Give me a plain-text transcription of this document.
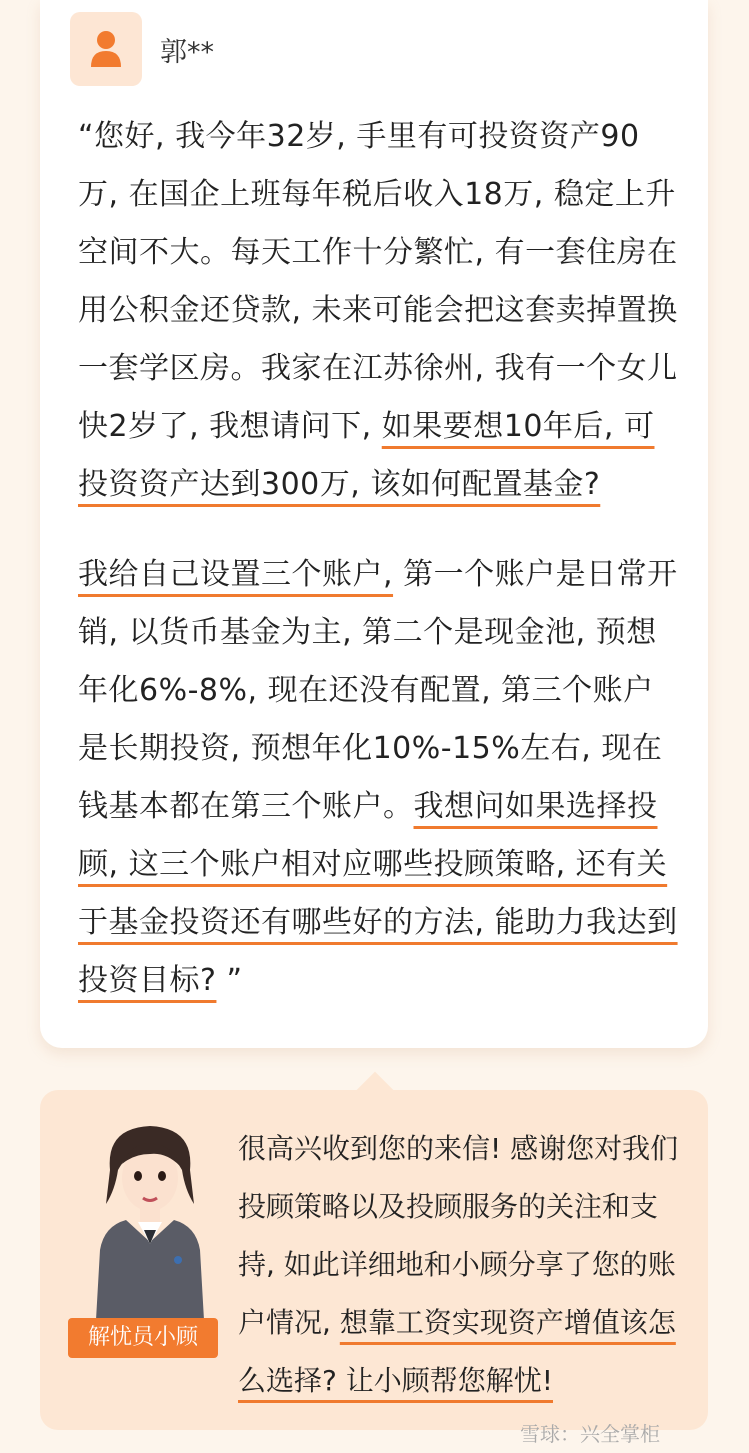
郭**

“您好, 我今年32岁, 手里有可投资资产90万, 在国企上班每年税后收入18万, 稳定上升空间不大。每天工作十分繁忙, 有一套住房在用公积金还贷款, 未来可能会把这套卖掉置换一套学区房。我家在江苏徐州, 我有一个女儿快2岁了, 我想请问下, 如果要想10年后, 可投资资产达到300万, 该如何配置基金?

我给自己设置三个账户, 第一个账户是日常开销, 以货币基金为主, 第二个是现金池, 预想年化6%-8%, 现在还没有配置, 第三个账户是长期投资, 预想年化10%-15%左右, 现在钱基本都在第三个账户。我想问如果选择投顾, 这三个账户相对应哪些投顾策略, 还有关于基金投资还有哪些好的方法, 能助力我达到投资目标? ”

解忧员小顾

很高兴收到您的来信! 感谢您对我们投顾策略以及投顾服务的关注和支持, 如此详细地和小顾分享了您的账户情况, 想靠工资实现资产增值该怎么选择? 让小顾帮您解忧!

雪球：兴全掌柜
